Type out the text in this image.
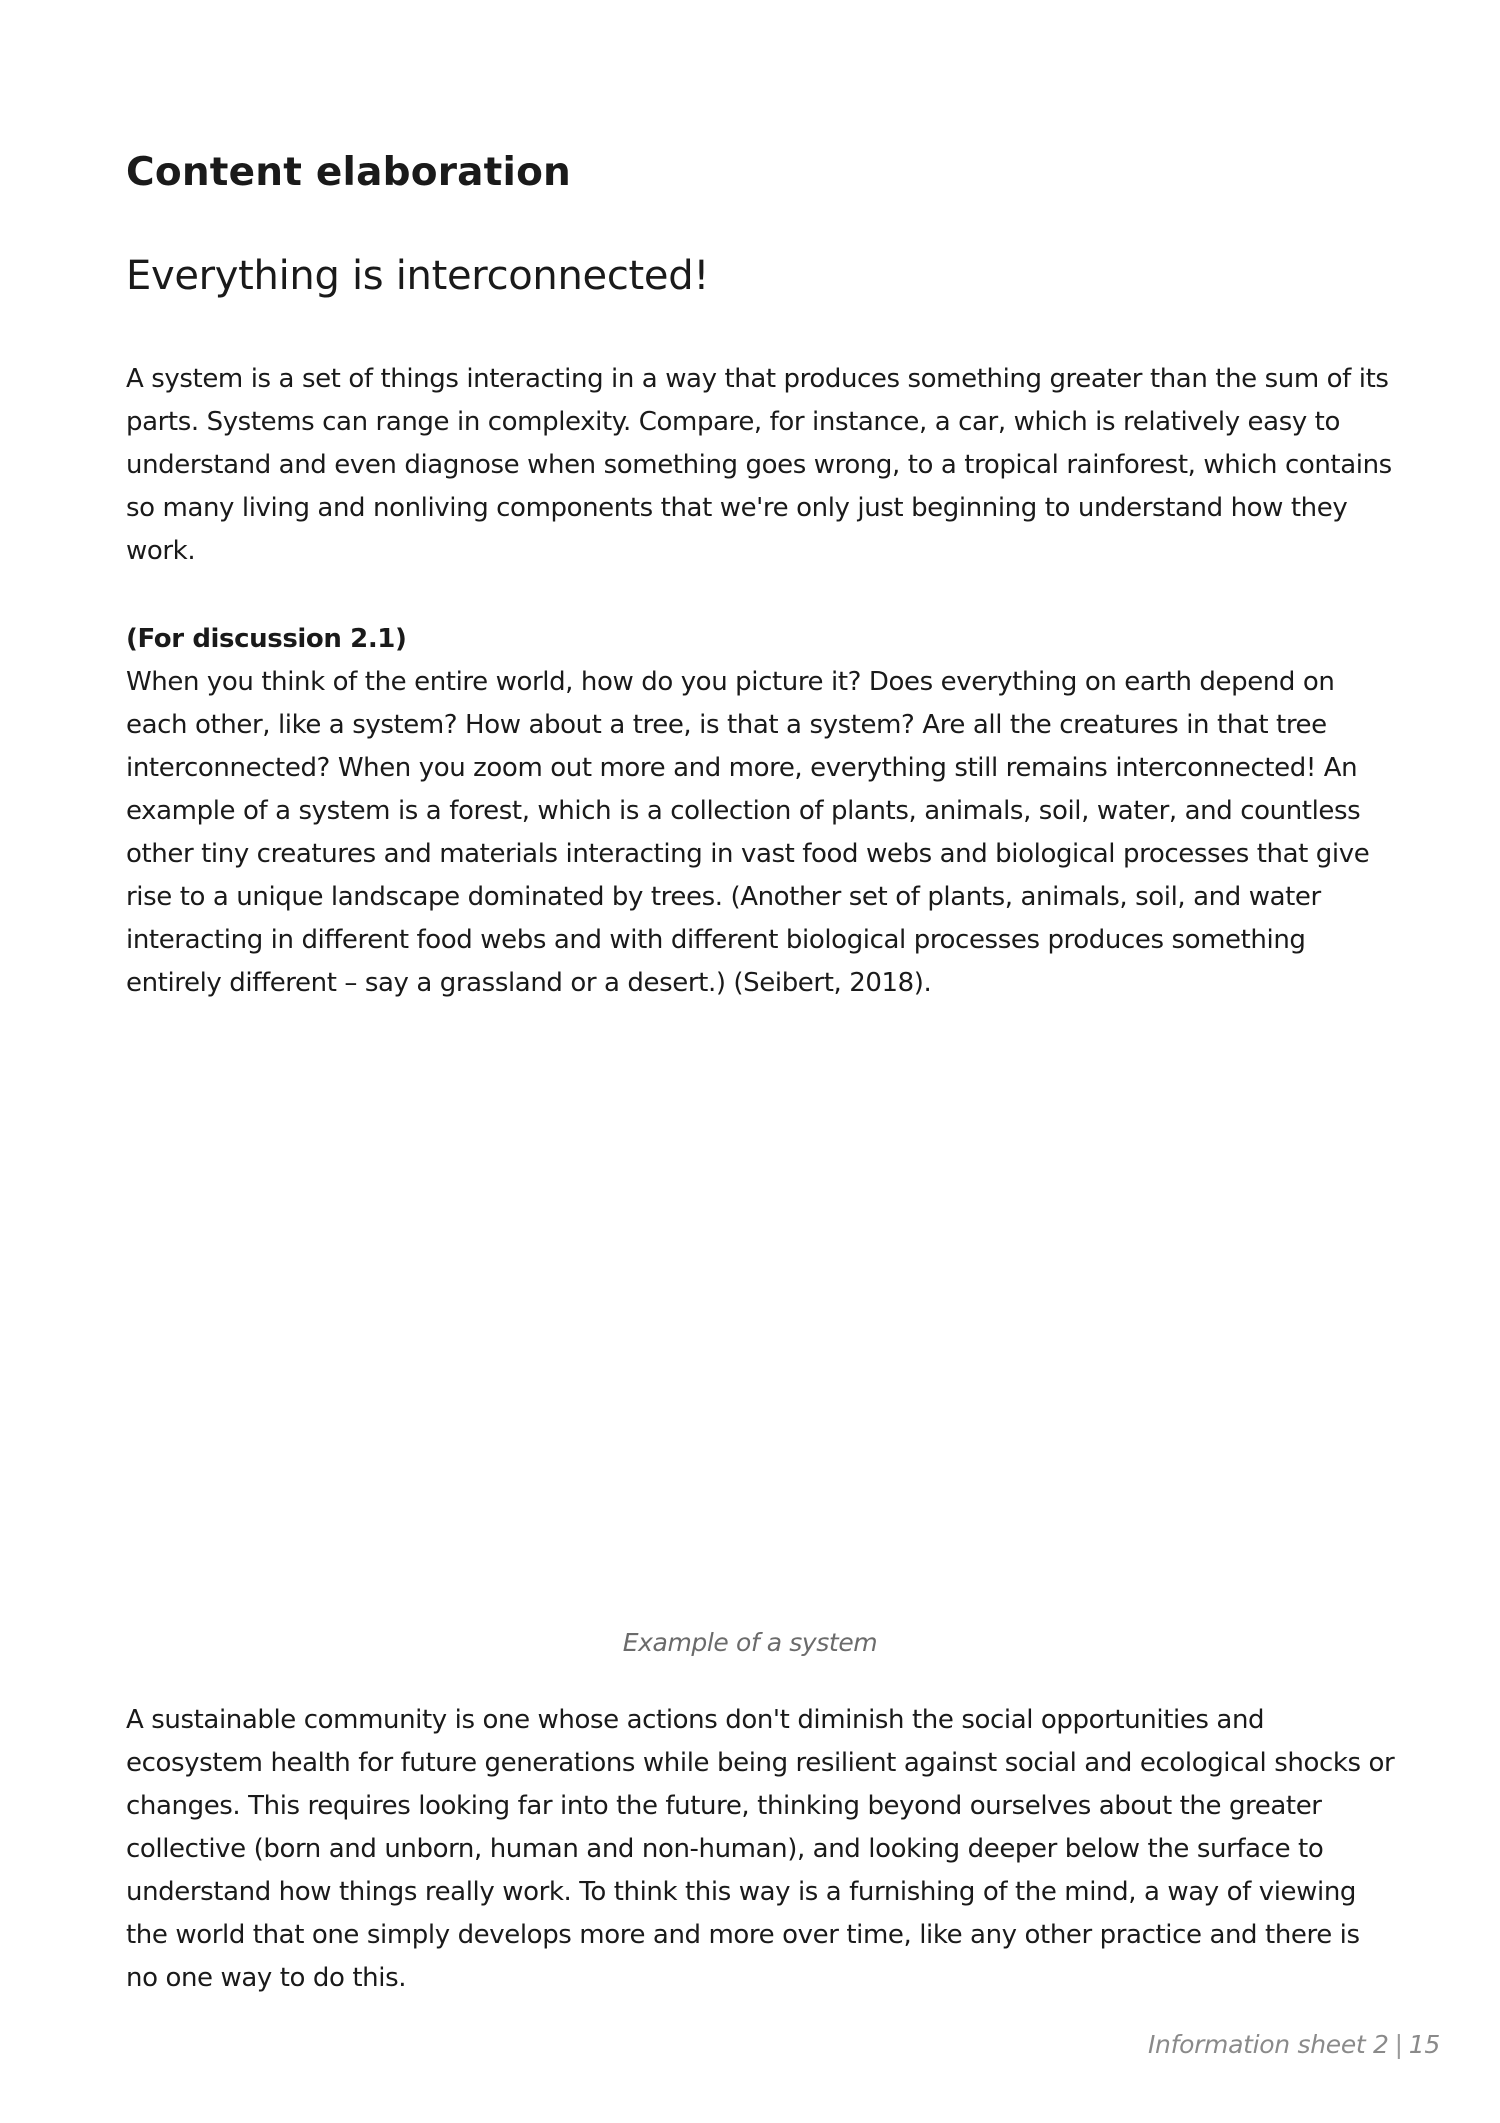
Content elaboration
Everything is interconnected!

A system is a set of things interacting in a way that produces something greater than the sum of its parts. Systems can range in complexity. Compare, for instance, a car, which is relatively easy to understand and even diagnose when something goes wrong, to a tropical rainforest, which contains so many living and nonliving components that we're only just beginning to understand how they work.

(For discussion 2.1)

When you think of the entire world, how do you picture it? Does everything on earth depend on each other, like a system? How about a tree, is that a system? Are all the creatures in that tree interconnected? When you zoom out more and more, everything still remains interconnected! An example of a system is a forest, which is a collection of plants, animals, soil, water, and countless other tiny creatures and materials interacting in vast food webs and biological processes that give rise to a unique landscape dominated by trees. (Another set of plants, animals, soil, and water interacting in different food webs and with different biological processes produces something entirely different – say a grassland or a desert.) (Seibert, 2018).

Example of a system

A sustainable community is one whose actions don't diminish the social opportunities and ecosystem health for future generations while being resilient against social and ecological shocks or changes. This requires looking far into the future, thinking beyond ourselves about the greater collective (born and unborn, human and non-human), and looking deeper below the surface to understand how things really work. To think this way is a furnishing of the mind, a way of viewing the world that one simply develops more and more over time, like any other practice and there is no one way to do this.

Information sheet 2 | 15
